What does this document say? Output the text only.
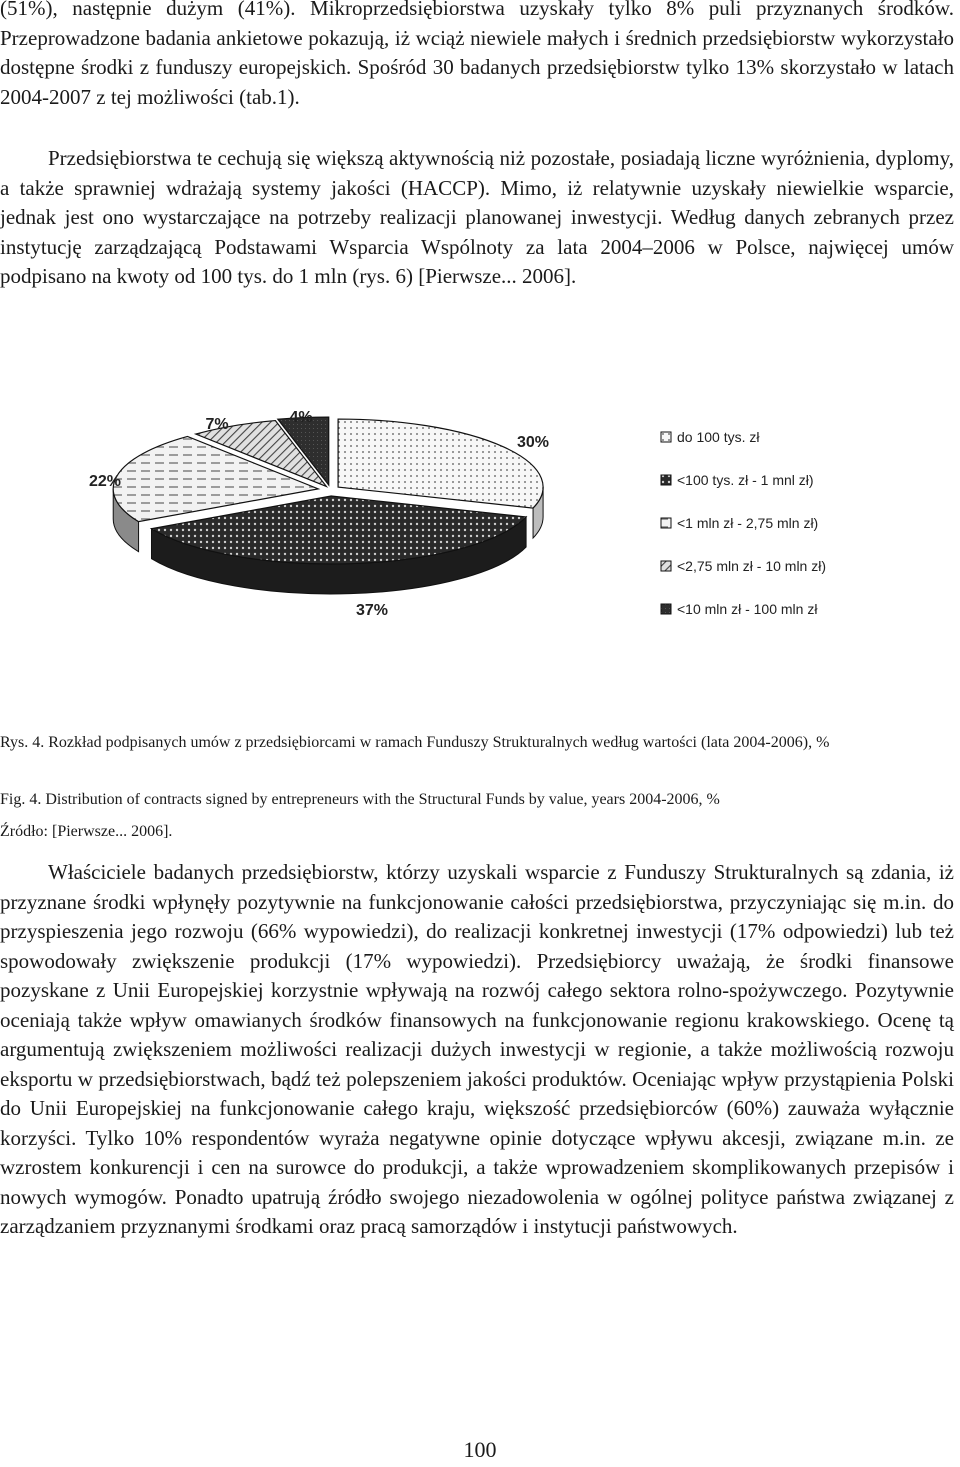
(51%), następnie dużym (41%). Mikroprzedsiębiorstwa uzyskały tylko 8% puli przyznanych środków. Przeprowadzone badania ankietowe pokazują, iż wciąż niewiele małych i średnich przedsiębiorstw wykorzystało dostępne środki z funduszy europejskich. Spośród 30 badanych przedsiębiorstw tylko 13% skorzystało w latach 2004-2007 z tej możliwości (tab.1).

Przedsiębiorstwa te cechują się większą aktywnością niż pozostałe, posiadają liczne wyróżnienia, dyplomy, a także sprawniej wdrażają systemy jakości (HACCP). Mimo, iż relatywnie uzyskały niewielkie wsparcie, jednak jest ono wystarczające na potrzeby realizacji planowanej inwestycji. Według danych zebranych przez instytucję zarządzającą Podstawami Wsparcia Wspólnoty za lata 2004–2006 w Polsce, najwięcej umów podpisano na kwoty od 100 tys. do 1 mln (rys. 6) [Pierwsze... 2006].

30%
37%
22%
7%	4%
do 100 tys. zł
<100 tys. zł - 1 mnl zł)
<1 mln zł - 2,75 mln zł)
<2,75 mln zł - 10 mln zł)
<10 mln zł - 100 mln zł

Rys. 4. Rozkład podpisanych umów z przedsiębiorcami w ramach Funduszy Strukturalnych według wartości (lata 2004-2006), %

Fig. 4. Distribution of contracts signed by entrepreneurs with the Structural Funds by value, years 2004-2006, %

Źródło: [Pierwsze... 2006].

Właściciele badanych przedsiębiorstw, którzy uzyskali wsparcie z Funduszy Strukturalnych są zdania, iż przyznane środki wpłynęły pozytywnie na funkcjonowanie całości przedsiębiorstwa, przyczyniając się m.in. do przyspieszenia jego rozwoju (66% wypowiedzi), do realizacji konkretnej inwestycji (17% odpowiedzi) lub też spowodowały zwiększenie produkcji (17% wypowiedzi). Przedsiębiorcy uważają, że środki finansowe pozyskane z Unii Europejskiej korzystnie wpływają na rozwój całego sektora rolno-spożywczego. Pozytywnie oceniają także wpływ omawianych środków finansowych na funkcjonowanie regionu krakowskiego. Ocenę tą argumentują zwiększeniem możliwości realizacji dużych inwestycji w regionie, a także możliwością rozwoju eksportu w przedsiębiorstwach, bądź też polepszeniem jakości produktów. Oceniając wpływ przystąpienia Polski do Unii Europejskiej na funkcjonowanie całego kraju, większość przedsiębiorców (60%) zauważa wyłącznie korzyści. Tylko 10% respondentów wyraża negatywne opinie dotyczące wpływu akcesji, związane m.in. ze wzrostem konkurencji i cen na surowce do produkcji, a także wprowadzeniem skomplikowanych przepisów i nowych wymogów. Ponadto upatrują źródło swojego niezadowolenia w ogólnej polityce państwa związanej z zarządzaniem przyznanymi środkami oraz pracą samorządów i instytucji państwowych.

100
